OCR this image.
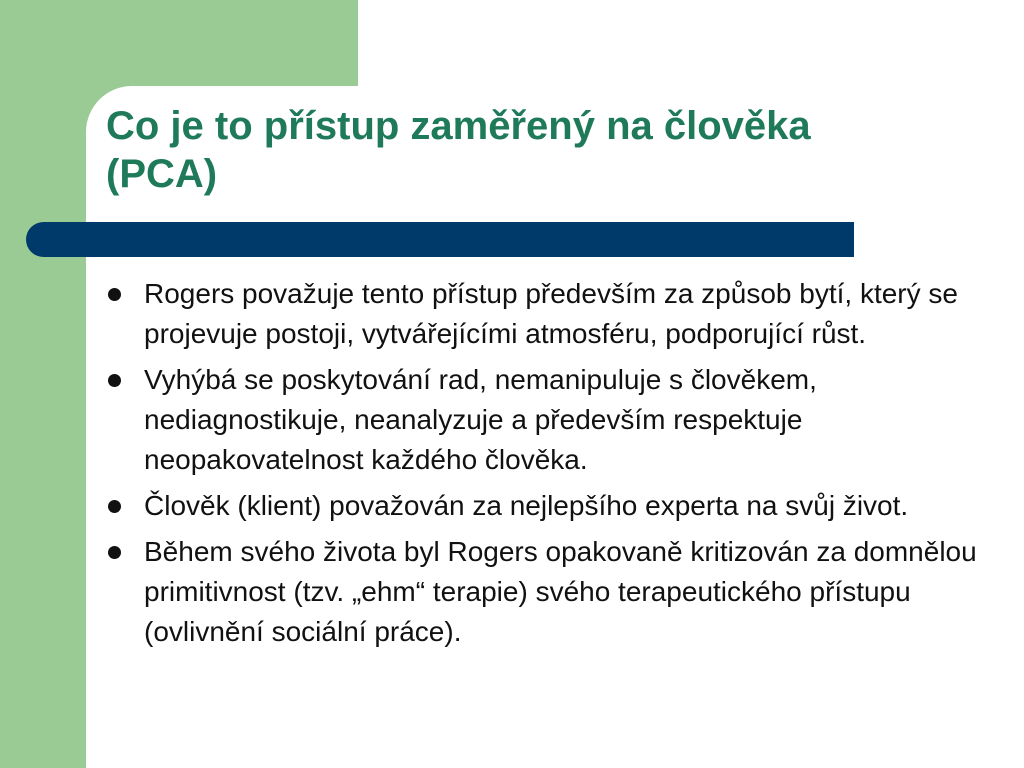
Co je to přístup zaměřený na člověka
(PCA)
Rogers považuje tento přístup především za způsob bytí, který se projevuje postoji, vytvářejícími atmosféru, podporující růst.
Vyhýbá se poskytování rad, nemanipuluje s člověkem, nediagnostikuje, neanalyzuje a především respektuje neopakovatelnost každého člověka.
Člověk (klient) považován za nejlepšího experta na svůj život.
Během svého života byl Rogers opakovaně kritizován za domnělou primitivnost (tzv. „ehm“ terapie) svého terapeutického přístupu (ovlivnění sociální práce).
